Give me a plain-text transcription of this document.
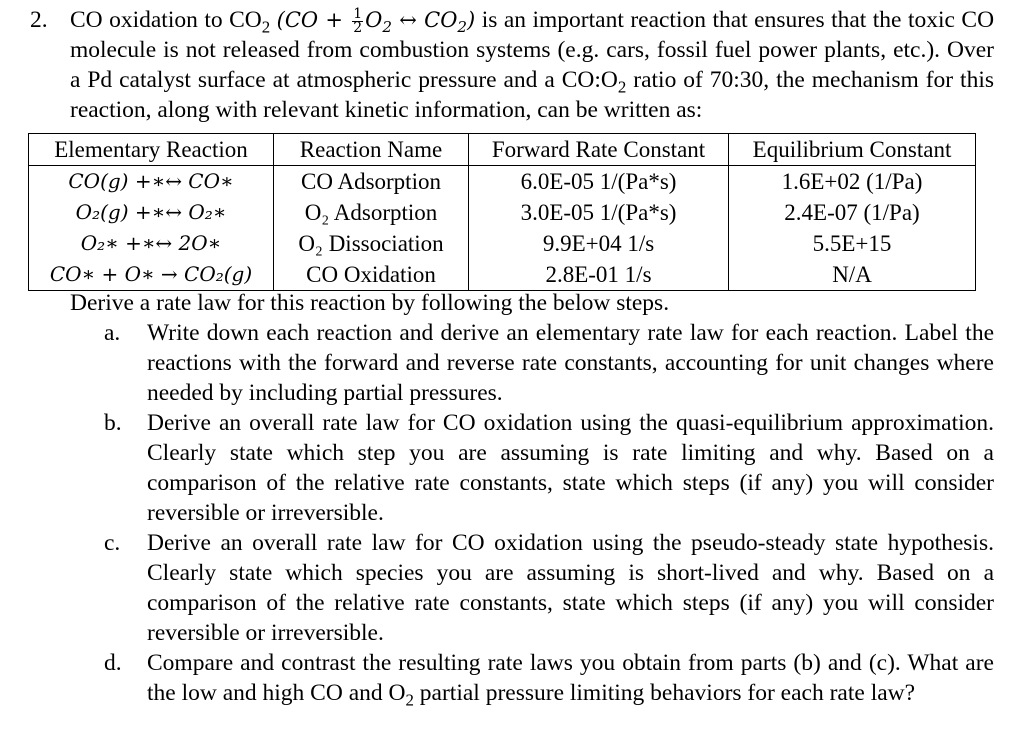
2. CO oxidation to $CO_2$ ($CO + \frac{1}{2} O_2$ ↔ $CO_2$) is an important reaction that ensures that the toxic CO molecule is not released from combustion systems (e.g. cars, fossil fuel power plants, etc.). Over a Pd catalyst surface at atmospheric pressure and a $CO:O_2$ ratio of 70:30, the mechanism for this reaction, along with relevant kinetic information, can be written as:

Elementary Reaction	Reaction Name	Forward Rate Constant	Equilibrium Constant
CO(g) +∗↔ CO∗	CO Adsorption	6.0E-05 1/(Pa*s)	1.6E+02 (1/Pa)
O₂(g) +∗↔ O₂∗	O₂ Adsorption	3.0E-05 1/(Pa*s)	2.4E-07 (1/Pa)
O₂∗ +∗↔ 2O∗	O₂ Dissociation	9.9E+04 1/s	5.5E+15
CO∗ + O∗ → CO₂(g)	CO Oxidation	2.8E-01 1/s	N/A
Derive a rate law for this reaction by following the below steps.
a. Write down each reaction and derive an elementary rate law for each reaction. Label the reactions with the forward and reverse rate constants, accounting for unit changes where needed by including partial pressures.
b. Derive an overall rate law for CO oxidation using the quasi-equilibrium approximation. Clearly state which step you are assuming is rate limiting and why. Based on a comparison of the relative rate constants, state which steps (if any) you will consider reversible or irreversible.
c. Derive an overall rate law for CO oxidation using the pseudo-steady state hypothesis. Clearly state which species you are assuming is short-lived and why. Based on a comparison of the relative rate constants, state which steps (if any) you will consider reversible or irreversible.
d. Compare and contrast the resulting rate laws you obtain from parts (b) and (c). What are the low and high CO and $O_2$ partial pressure limiting behaviors for each rate law?
